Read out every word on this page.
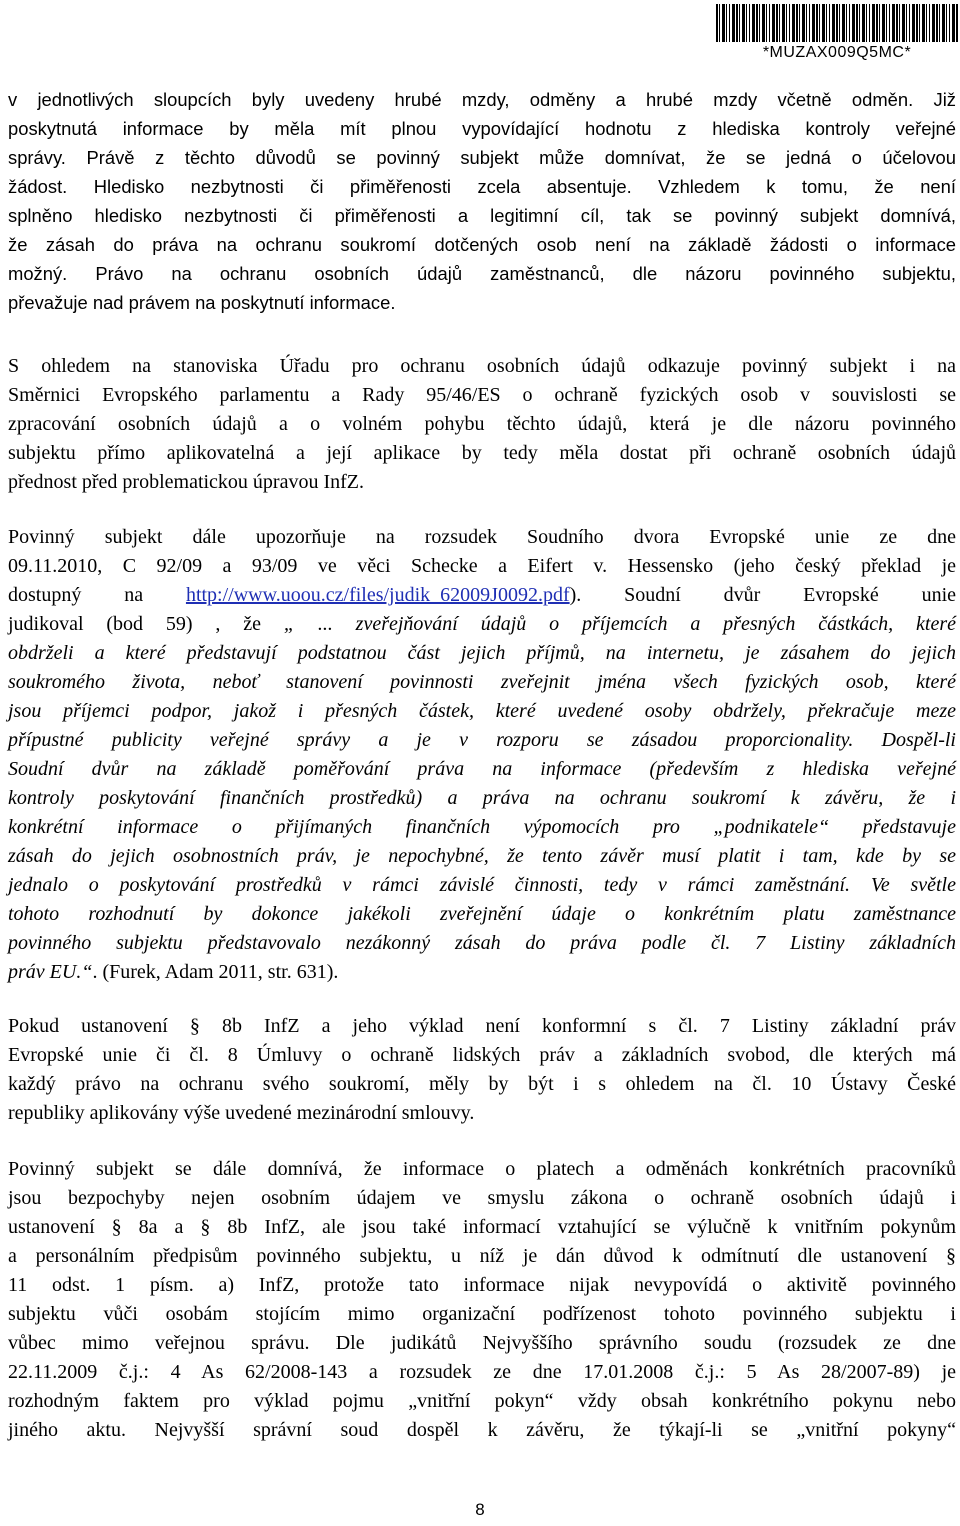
*MUZAX009Q5MC*
v jednotlivých sloupcích byly uvedeny hrubé mzdy, odměny a hrubé mzdy včetně odměn. Již
poskytnutá informace by měla mít plnou vypovídající hodnotu z hlediska kontroly veřejné
správy. Právě z těchto důvodů se povinný subjekt může domnívat, že se jedná o účelovou
žádost. Hledisko nezbytnosti či přiměřenosti zcela absentuje. Vzhledem k tomu, že není
splněno hledisko nezbytnosti či přiměřenosti a legitimní cíl, tak se povinný subjekt domnívá,
že zásah do práva na ochranu soukromí dotčených osob není na základě žádosti o informace
možný. Právo na ochranu osobních údajů zaměstnanců, dle názoru povinného subjektu,
převažuje nad právem na poskytnutí informace.
S ohledem na stanoviska Úřadu pro ochranu osobních údajů odkazuje povinný subjekt i na
Směrnici Evropského parlamentu a Rady 95/46/ES o ochraně fyzických osob v souvislosti se
zpracování osobních údajů a o volném pohybu těchto údajů, která je dle názoru povinného
subjektu přímo aplikovatelná a její aplikace by tedy měla dostat při ochraně osobních údajů
přednost před problematickou úpravou InfZ.
Povinný subjekt dále upozorňuje na rozsudek Soudního dvora Evropské unie ze dne
09.11.2010, C 92/09 a 93/09 ve věci Schecke a Eifert v. Hessensko (jeho český překlad je
dostupný na http://www.uoou.cz/files/judik_62009J0092.pdf). Soudní dvůr Evropské unie
judikoval (bod 59) , že „ ... zveřejňování údajů o příjemcích a přesných částkách, které
obdrželi a které představují podstatnou část jejich příjmů, na internetu, je zásahem do jejich
soukromého života, neboť stanovení povinnosti zveřejnit jména všech fyzických osob, které
jsou příjemci podpor, jakož i přesných částek, které uvedené osoby obdržely, překračuje meze
přípustné publicity veřejné správy a je v rozporu se zásadou proporcionality. Dospěl-li
Soudní dvůr na základě poměřování práva na informace (především z hlediska veřejné
kontroly poskytování finančních prostředků) a práva na ochranu soukromí k závěru, že i
konkrétní informace o přijímaných finančních výpomocích pro „podnikatele“ představuje
zásah do jejich osobnostních práv, je nepochybné, že tento závěr musí platit i tam, kde by se
jednalo o poskytování prostředků v rámci závislé činnosti, tedy v rámci zaměstnání. Ve světle
tohoto rozhodnutí by dokonce jakékoli zveřejnění údaje o konkrétním platu zaměstnance
povinného subjektu představovalo nezákonný zásah do práva podle čl. 7 Listiny základních
práv EU.“. (Furek, Adam 2011, str. 631).
Pokud ustanovení § 8b InfZ a jeho výklad není konformní s čl. 7 Listiny základní práv
Evropské unie či čl. 8 Úmluvy o ochraně lidských práv a základních svobod, dle kterých má
každý právo na ochranu svého soukromí, měly by být i s ohledem na čl. 10 Ústavy České
republiky aplikovány výše uvedené mezinárodní smlouvy.
Povinný subjekt se dále domnívá, že informace o platech a odměnách konkrétních pracovníků
jsou bezpochyby nejen osobním údajem ve smyslu zákona o ochraně osobních údajů i
ustanovení § 8a a § 8b InfZ, ale jsou také informací vztahující se výlučně k vnitřním pokynům
a personálním předpisům povinného subjektu, u níž je dán důvod k odmítnutí dle ustanovení §
11 odst. 1 písm. a) InfZ, protože tato informace nijak nevypovídá o aktivitě povinného
subjektu vůči osobám stojícím mimo organizační podřízenost tohoto povinného subjektu i
vůbec mimo veřejnou správu. Dle judikátů Nejvyššího správního soudu (rozsudek ze dne
22.11.2009 č.j.: 4 As 62/2008-143 a rozsudek ze dne 17.01.2008 č.j.: 5 As 28/2007-89) je
rozhodným faktem pro výklad pojmu „vnitřní pokyn“ vždy obsah konkrétního pokynu nebo
jiného aktu. Nejvyšší správní soud dospěl k závěru, že týkají-li se „vnitřní pokyny“
8
